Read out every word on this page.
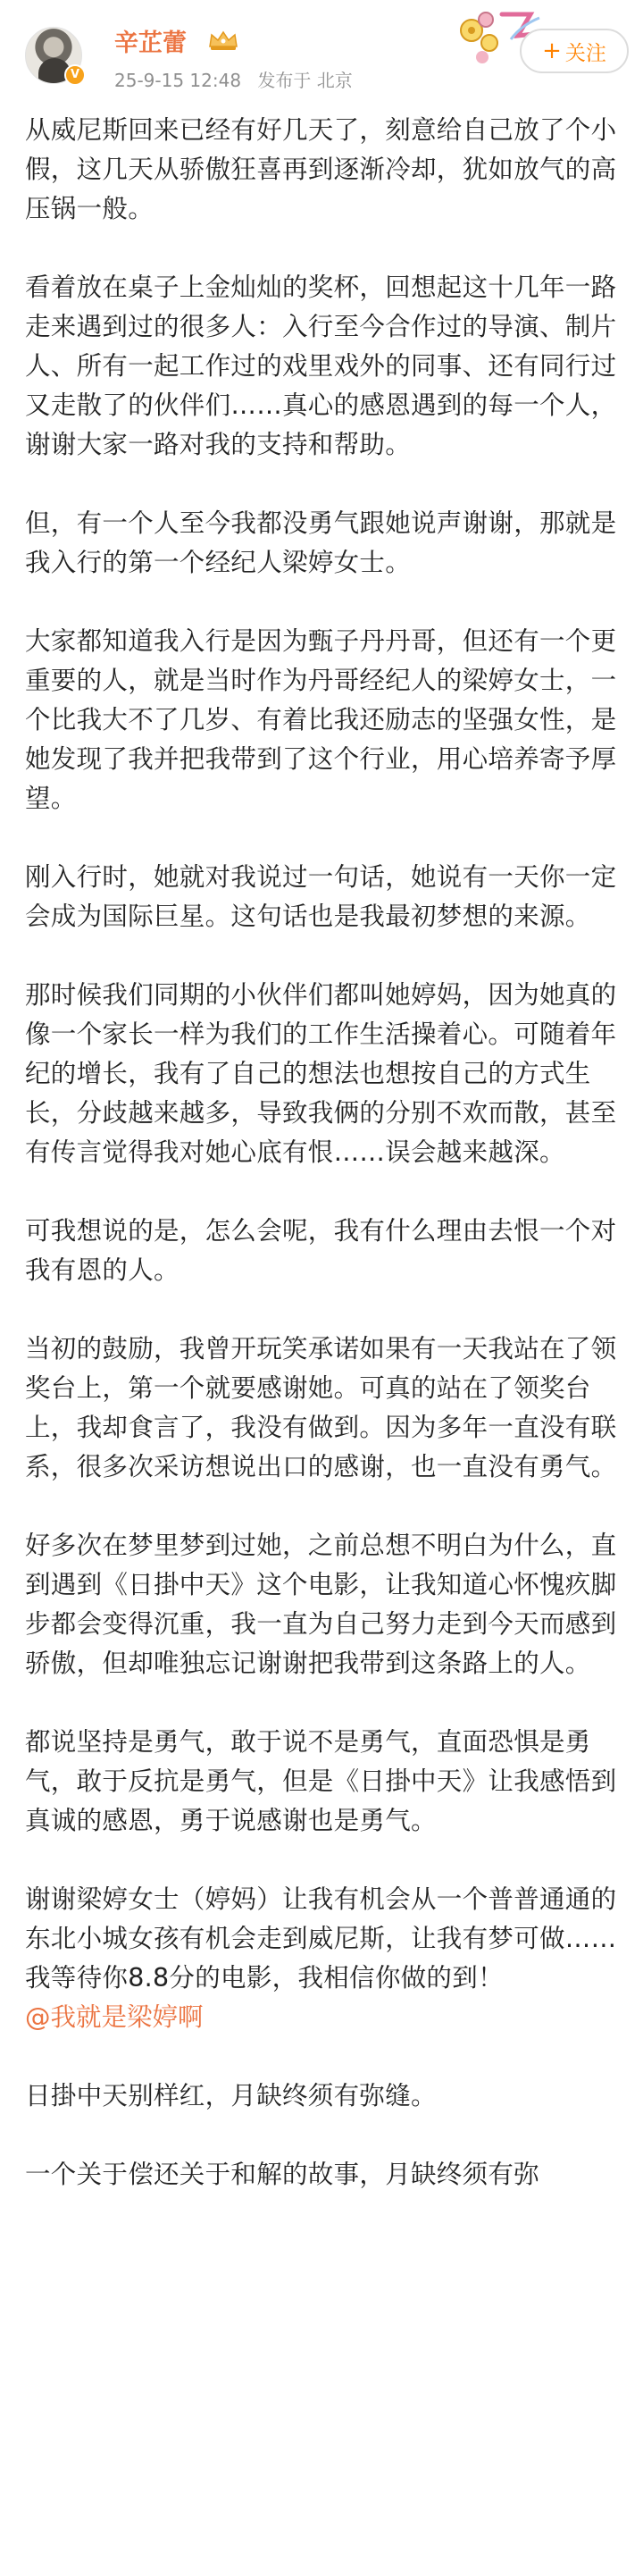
V
辛芷蕾
25-9-15 12:48 发布于 北京
+ 关注

从威尼斯回来已经有好几天了，刻意给自己放了个小假，这几天从骄傲狂喜再到逐渐冷却，犹如放气的高压锅一般。

看着放在桌子上金灿灿的奖杯，回想起这十几年一路走来遇到过的很多人：入行至今合作过的导演、制片人、所有一起工作过的戏里戏外的同事、还有同行过又走散了的伙伴们……真心的感恩遇到的每一个人，谢谢大家一路对我的支持和帮助。

但，有一个人至今我都没勇气跟她说声谢谢，那就是我入行的第一个经纪人梁婷女士。

大家都知道我入行是因为甄子丹丹哥，但还有一个更重要的人，就是当时作为丹哥经纪人的梁婷女士，一个比我大不了几岁、有着比我还励志的坚强女性，是她发现了我并把我带到了这个行业，用心培养寄予厚望。

刚入行时，她就对我说过一句话，她说有一天你一定会成为国际巨星。这句话也是我最初梦想的来源。

那时候我们同期的小伙伴们都叫她婷妈，因为她真的像一个家长一样为我们的工作生活操着心。可随着年纪的增长，我有了自己的想法也想按自己的方式生长，分歧越来越多，导致我俩的分别不欢而散，甚至有传言觉得我对她心底有恨……误会越来越深。

可我想说的是，怎么会呢，我有什么理由去恨一个对我有恩的人。

当初的鼓励，我曾开玩笑承诺如果有一天我站在了领奖台上，第一个就要感谢她。可真的站在了领奖台上，我却食言了，我没有做到。因为多年一直没有联系，很多次采访想说出口的感谢，也一直没有勇气。

好多次在梦里梦到过她，之前总想不明白为什么，直到遇到《日掛中天》这个电影，让我知道心怀愧疚脚步都会变得沉重，我一直为自己努力走到今天而感到骄傲，但却唯独忘记谢谢把我带到这条路上的人。

都说坚持是勇气，敢于说不是勇气，直面恐惧是勇气，敢于反抗是勇气，但是《日掛中天》让我感悟到真诚的感恩，勇于说感谢也是勇气。

谢谢梁婷女士（婷妈）让我有机会从一个普普通通的东北小城女孩有机会走到威尼斯，让我有梦可做……我等待你8.8分的电影，我相信你做的到！

@我就是梁婷啊

日掛中天别样红，月缺终须有弥缝。

一个关于偿还关于和解的故事，月缺终须有弥
